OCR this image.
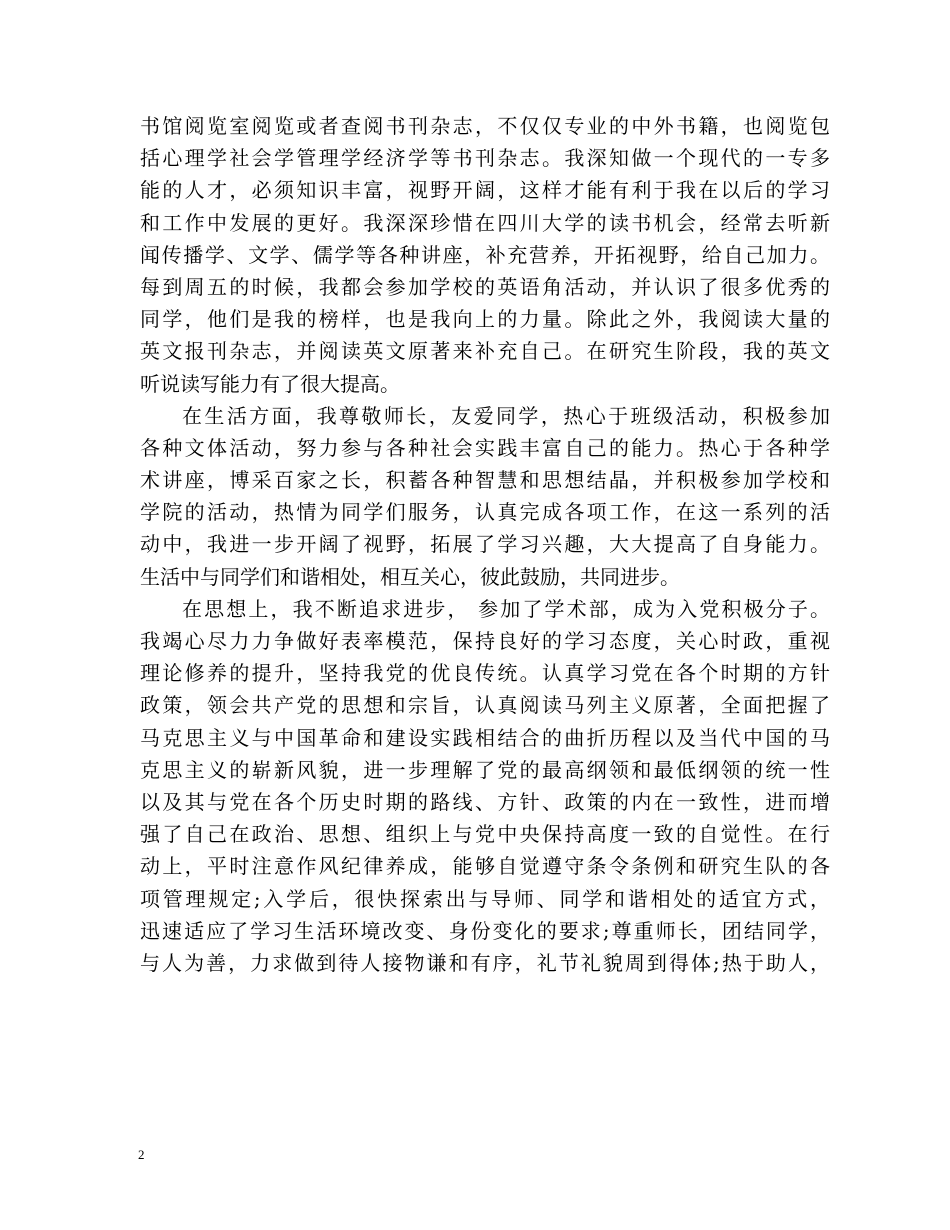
书馆阅览室阅览或者查阅书刊杂志，不仅仅专业的中外书籍，也阅览包
括心理学社会学管理学经济学等书刊杂志。我深知做一个现代的一专多
能的人才，必须知识丰富，视野开阔，这样才能有利于我在以后的学习
和工作中发展的更好。我深深珍惜在四川大学的读书机会，经常去听新
闻传播学、文学、儒学等各种讲座，补充营养，开拓视野，给自己加力。
每到周五的时候，我都会参加学校的英语角活动，并认识了很多优秀的
同学，他们是我的榜样，也是我向上的力量。除此之外，我阅读大量的
英文报刊杂志，并阅读英文原著来补充自己。在研究生阶段，我的英文
听说读写能力有了很大提高。
在生活方面，我尊敬师长，友爱同学，热心于班级活动，积极参加
各种文体活动，努力参与各种社会实践丰富自己的能力。热心于各种学
术讲座，博采百家之长，积蓄各种智慧和思想结晶，并积极参加学校和
学院的活动，热情为同学们服务，认真完成各项工作，在这一系列的活
动中，我进一步开阔了视野，拓展了学习兴趣，大大提高了自身能力。
生活中与同学们和谐相处，相互关心，彼此鼓励，共同进步。
在思想上，我不断追求进步， 参加了学术部，成为入党积极分子。
我竭心尽力力争做好表率模范，保持良好的学习态度，关心时政，重视
理论修养的提升，坚持我党的优良传统。认真学习党在各个时期的方针
政策，领会共产党的思想和宗旨，认真阅读马列主义原著，全面把握了
马克思主义与中国革命和建设实践相结合的曲折历程以及当代中国的马
克思主义的崭新风貌，进一步理解了党的最高纲领和最低纲领的统一性
以及其与党在各个历史时期的路线、方针、政策的内在一致性，进而增
强了自己在政治、思想、组织上与党中央保持高度一致的自觉性。在行
动上，平时注意作风纪律养成，能够自觉遵守条令条例和研究生队的各
项管理规定;入学后，很快探索出与导师、同学和谐相处的适宜方式，
迅速适应了学习生活环境改变、身份变化的要求;尊重师长，团结同学，
与人为善，力求做到待人接物谦和有序，礼节礼貌周到得体;热于助人，
2
